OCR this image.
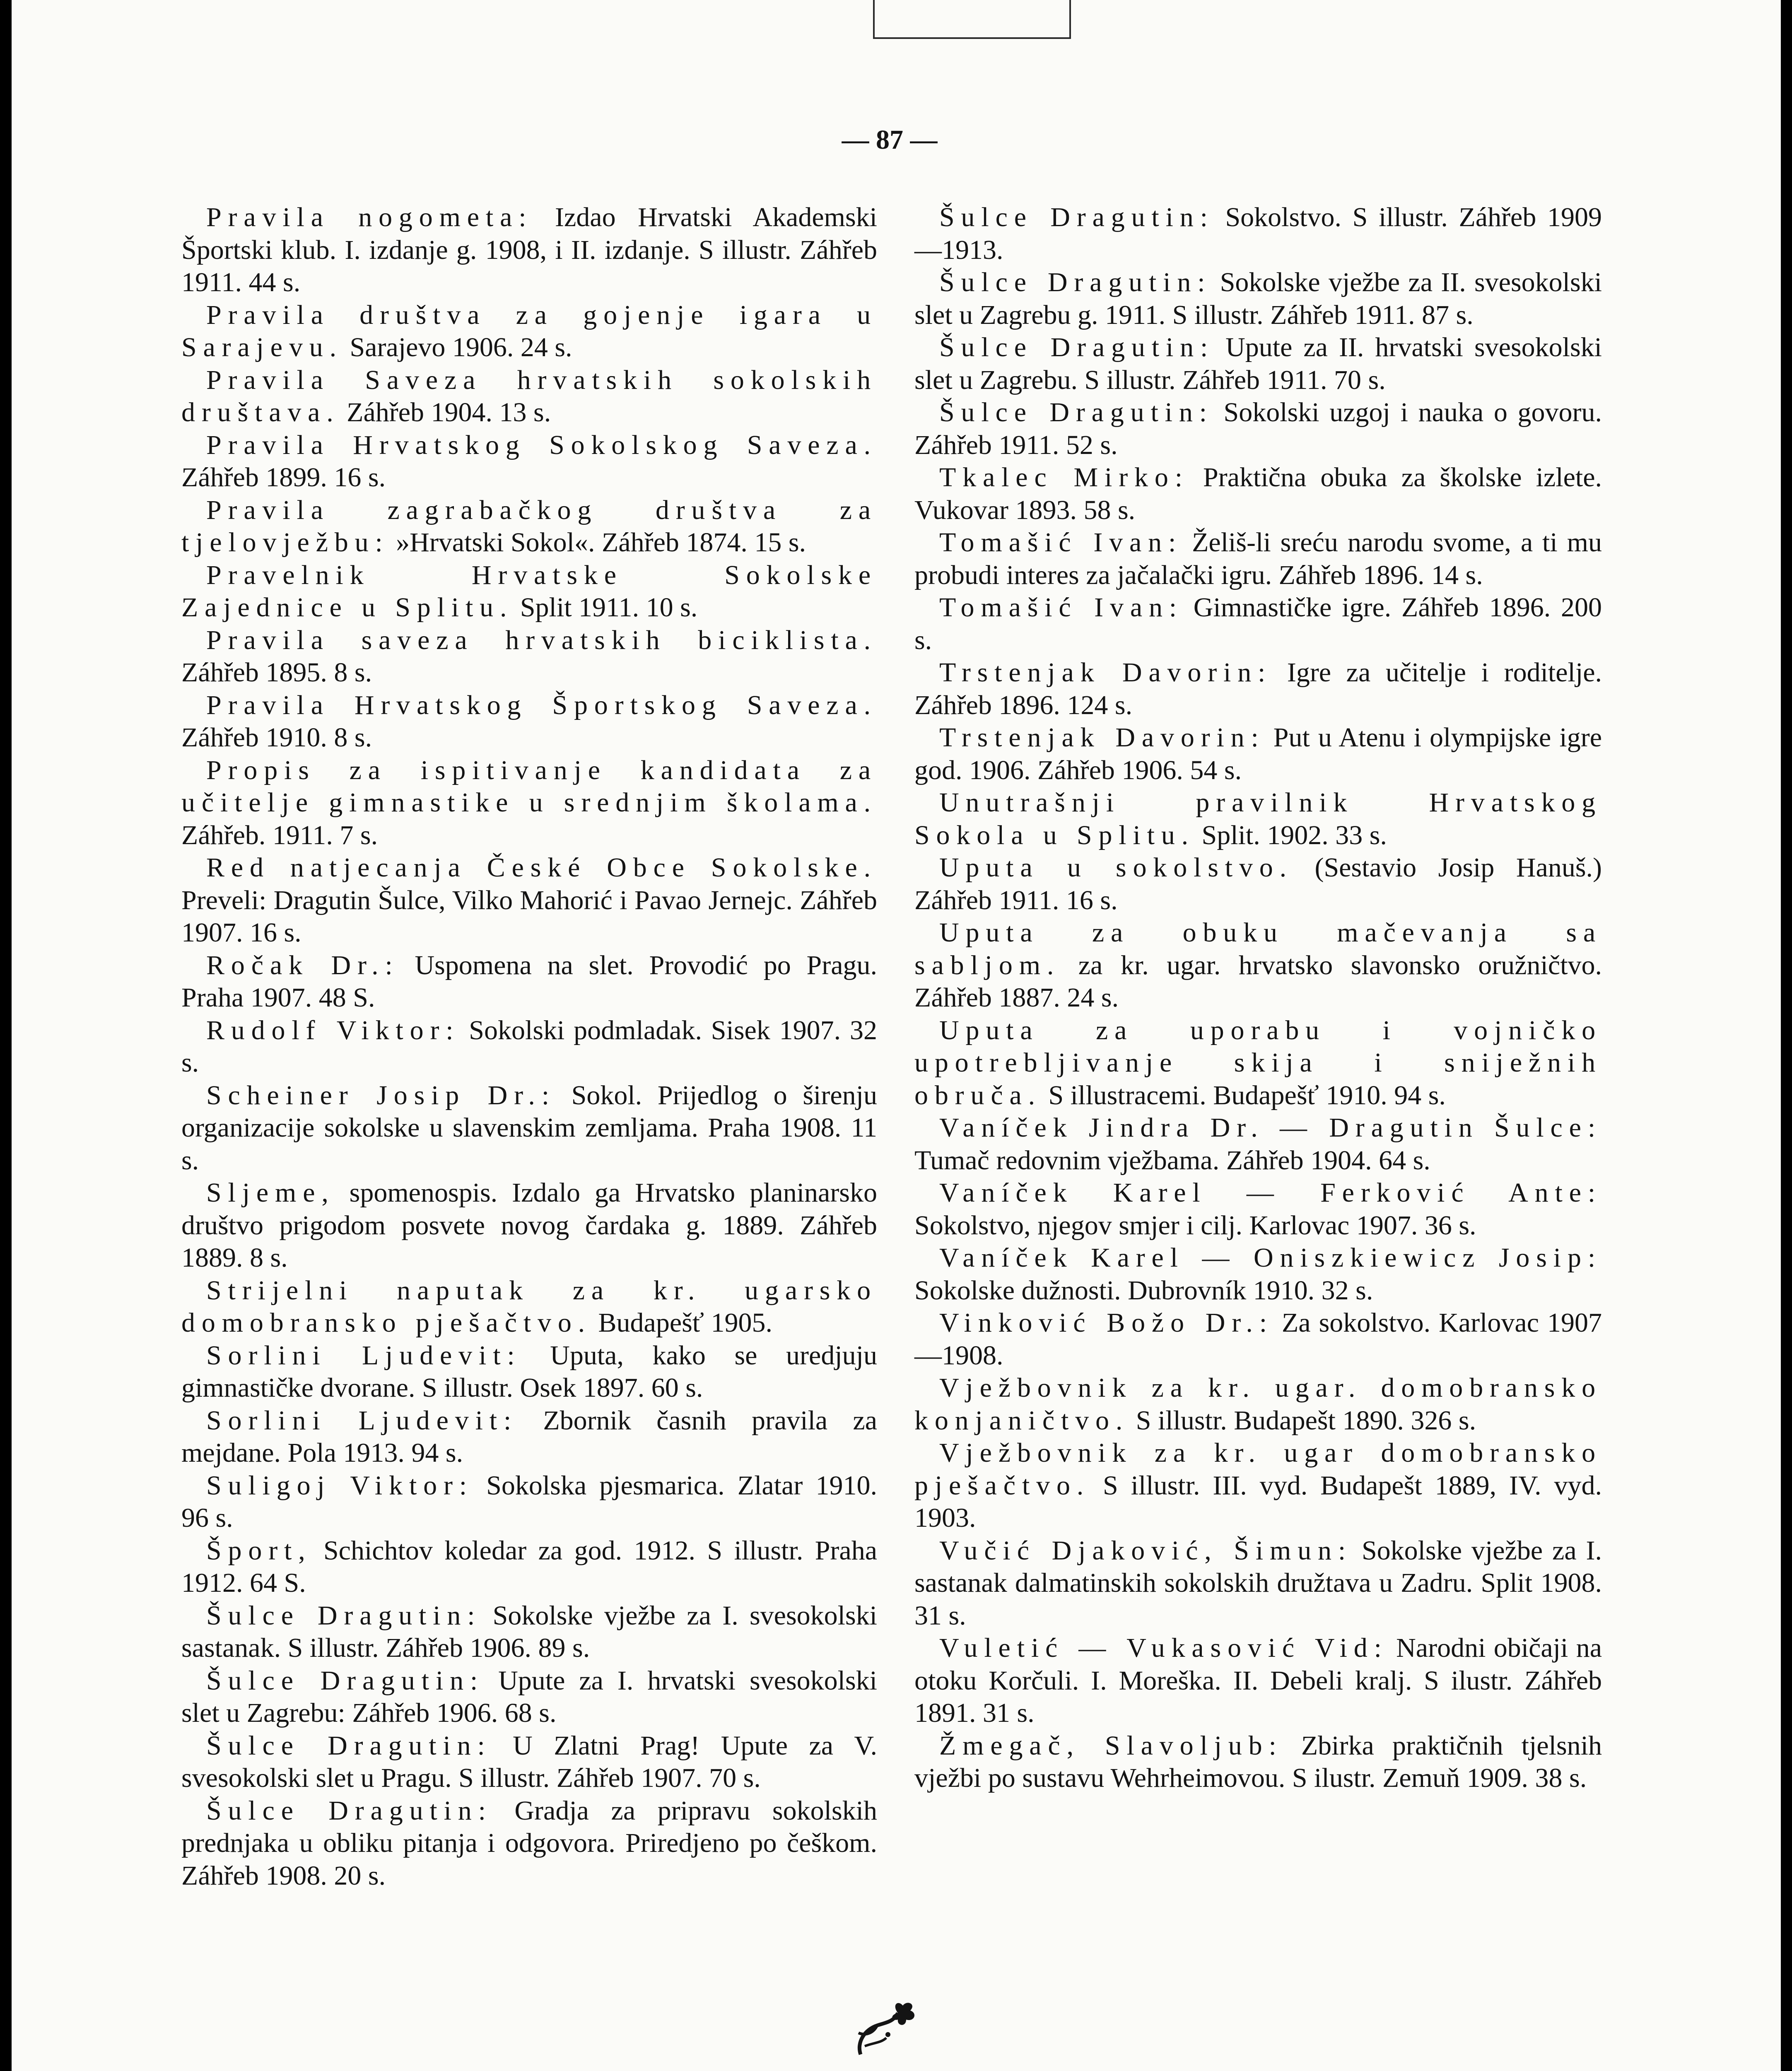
— 87 —
Pravila nogometa: Izdao Hrvatski Akademski Športski klub. I. izdanje g. 1908, i II. izdanje. S illustr. Záhřeb 1911. 44 s.
Pravila društva za gojenje igara u Sarajevu. Sarajevo 1906. 24 s.
Pravila Saveza hrvatskih sokolskih društava. Záhřeb 1904. 13 s.
Pravila Hrvatskog Sokolskog Saveza. Záhřeb 1899. 16 s.
Pravila zagrabačkog društva za tjelovježbu: »Hrvatski Sokol«. Záhřeb 1874. 15 s.
Pravelnik Hrvatske Sokolske Zajednice u Splitu. Split 1911. 10 s.
Pravila saveza hrvatskih biciklista. Záhřeb 1895. 8 s.
Pravila Hrvatskog Športskog Saveza. Záhřeb 1910. 8 s.
Propis za ispitivanje kandidata za učitelje gimnastike u srednjim školama. Záhřeb. 1911. 7 s.
Red natjecanja České Obce Sokolske. Preveli: Dragutin Šulce, Vilko Mahorić i Pavao Jernejc. Záhřeb 1907. 16 s.
Ročak Dr.: Uspomena na slet. Provodić po Pragu. Praha 1907. 48 S.
Rudolf Viktor: Sokolski podmladak. Sisek 1907. 32 s.
Scheiner Josip Dr.: Sokol. Prijedlog o širenju organizacije sokolske u slavenskim zemljama. Praha 1908. 11 s.
Sljeme, spomenospis. Izdalo ga Hrvatsko planinarsko društvo prigodom posvete novog čardaka g. 1889. Záhřeb 1889. 8 s.
Strijelni naputak za kr. ugarsko domobransko pješačtvo. Budapešť 1905.
Sorlini Ljudevit: Uputa, kako se uredjuju gimnastičke dvorane. S illustr. Osek 1897. 60 s.
Sorlini Ljudevit: Zbornik časnih pravila za mejdane. Pola 1913. 94 s.
Suligoj Viktor: Sokolska pjesmarica. Zlatar 1910. 96 s.
Šport, Schichtov koledar za god. 1912. S illustr. Praha 1912. 64 S.
Šulce Dragutin: Sokolske vježbe za I. svesokolski sastanak. S illustr. Záhřeb 1906. 89 s.
Šulce Dragutin: Upute za I. hrvatski svesokolski slet u Zagrebu: Záhřeb 1906. 68 s.
Šulce Dragutin: U Zlatni Prag! Upute za V. svesokolski slet u Pragu. S illustr. Záhřeb 1907. 70 s.
Šulce Dragutin: Gradja za pripravu sokolskih prednjaka u obliku pitanja i odgovora. Priredjeno po češkom. Záhřeb 1908. 20 s.
Šulce Dragutin: Sokolstvo. S illustr. Záhřeb 1909—1913.
Šulce Dragutin: Sokolske vježbe za II. svesokolski slet u Zagrebu g. 1911. S illustr. Záhřeb 1911. 87 s.
Šulce Dragutin: Upute za II. hrvatski svesokolski slet u Zagrebu. S illustr. Záhřeb 1911. 70 s.
Šulce Dragutin: Sokolski uzgoj i nauka o govoru. Záhřeb 1911. 52 s.
Tkalec Mirko: Praktična obuka za školske izlete. Vukovar 1893. 58 s.
Tomašić Ivan: Želiš-li sreću narodu svome, a ti mu probudi interes za jačalački igru. Záhřeb 1896. 14 s.
Tomašić Ivan: Gimnastičke igre. Záhřeb 1896. 200 s.
Trstenjak Davorin: Igre za učitelje i roditelje. Záhřeb 1896. 124 s.
Trstenjak Davorin: Put u Atenu i olympijske igre god. 1906. Záhřeb 1906. 54 s.
Unutrašnji pravilnik Hrvatskog Sokola u Splitu. Split. 1902. 33 s.
Uputa u sokolstvo. (Sestavio Josip Hanuš.) Záhřeb 1911. 16 s.
Uputa za obuku mačevanja sa sabljom. za kr. ugar. hrvatsko slavonsko oružničtvo. Záhřeb 1887. 24 s.
Uputa za uporabu i vojničko upotrebljivanje skija i sniježnih obruča. S illustracemi. Budapešť 1910. 94 s.
Vaníček Jindra Dr. — Dragutin Šulce: Tumač redovnim vježbama. Záhřeb 1904. 64 s.
Vaníček Karel — Ferković Ante: Sokolstvo, njegov smjer i cilj. Karlovac 1907. 36 s.
Vaníček Karel — Oniszkiewicz Josip: Sokolske dužnosti. Dubrovník 1910. 32 s.
Vinković Božo Dr.: Za sokolstvo. Karlovac 1907—1908.
Vježbovnik za kr. ugar. domobransko konjaničtvo. S illustr. Budapešt 1890. 326 s.
Vježbovnik za kr. ugar domobransko pješačtvo. S illustr. III. vyd. Budapešt 1889, IV. vyd. 1903.
Vučić Djaković, Šimun: Sokolske vježbe za I. sastanak dalmatinskih sokolskih družtava u Zadru. Split 1908. 31 s.
Vuletić — Vukasović Vid: Narodni običaji na otoku Korčuli. I. Moreška. II. Debeli kralj. S ilustr. Záhřeb 1891. 31 s.
Žmegač, Slavoljub: Zbirka praktičnih tjelsnih vježbi po sustavu Wehrheimovou. S ilustr. Zemuň 1909. 38 s.
